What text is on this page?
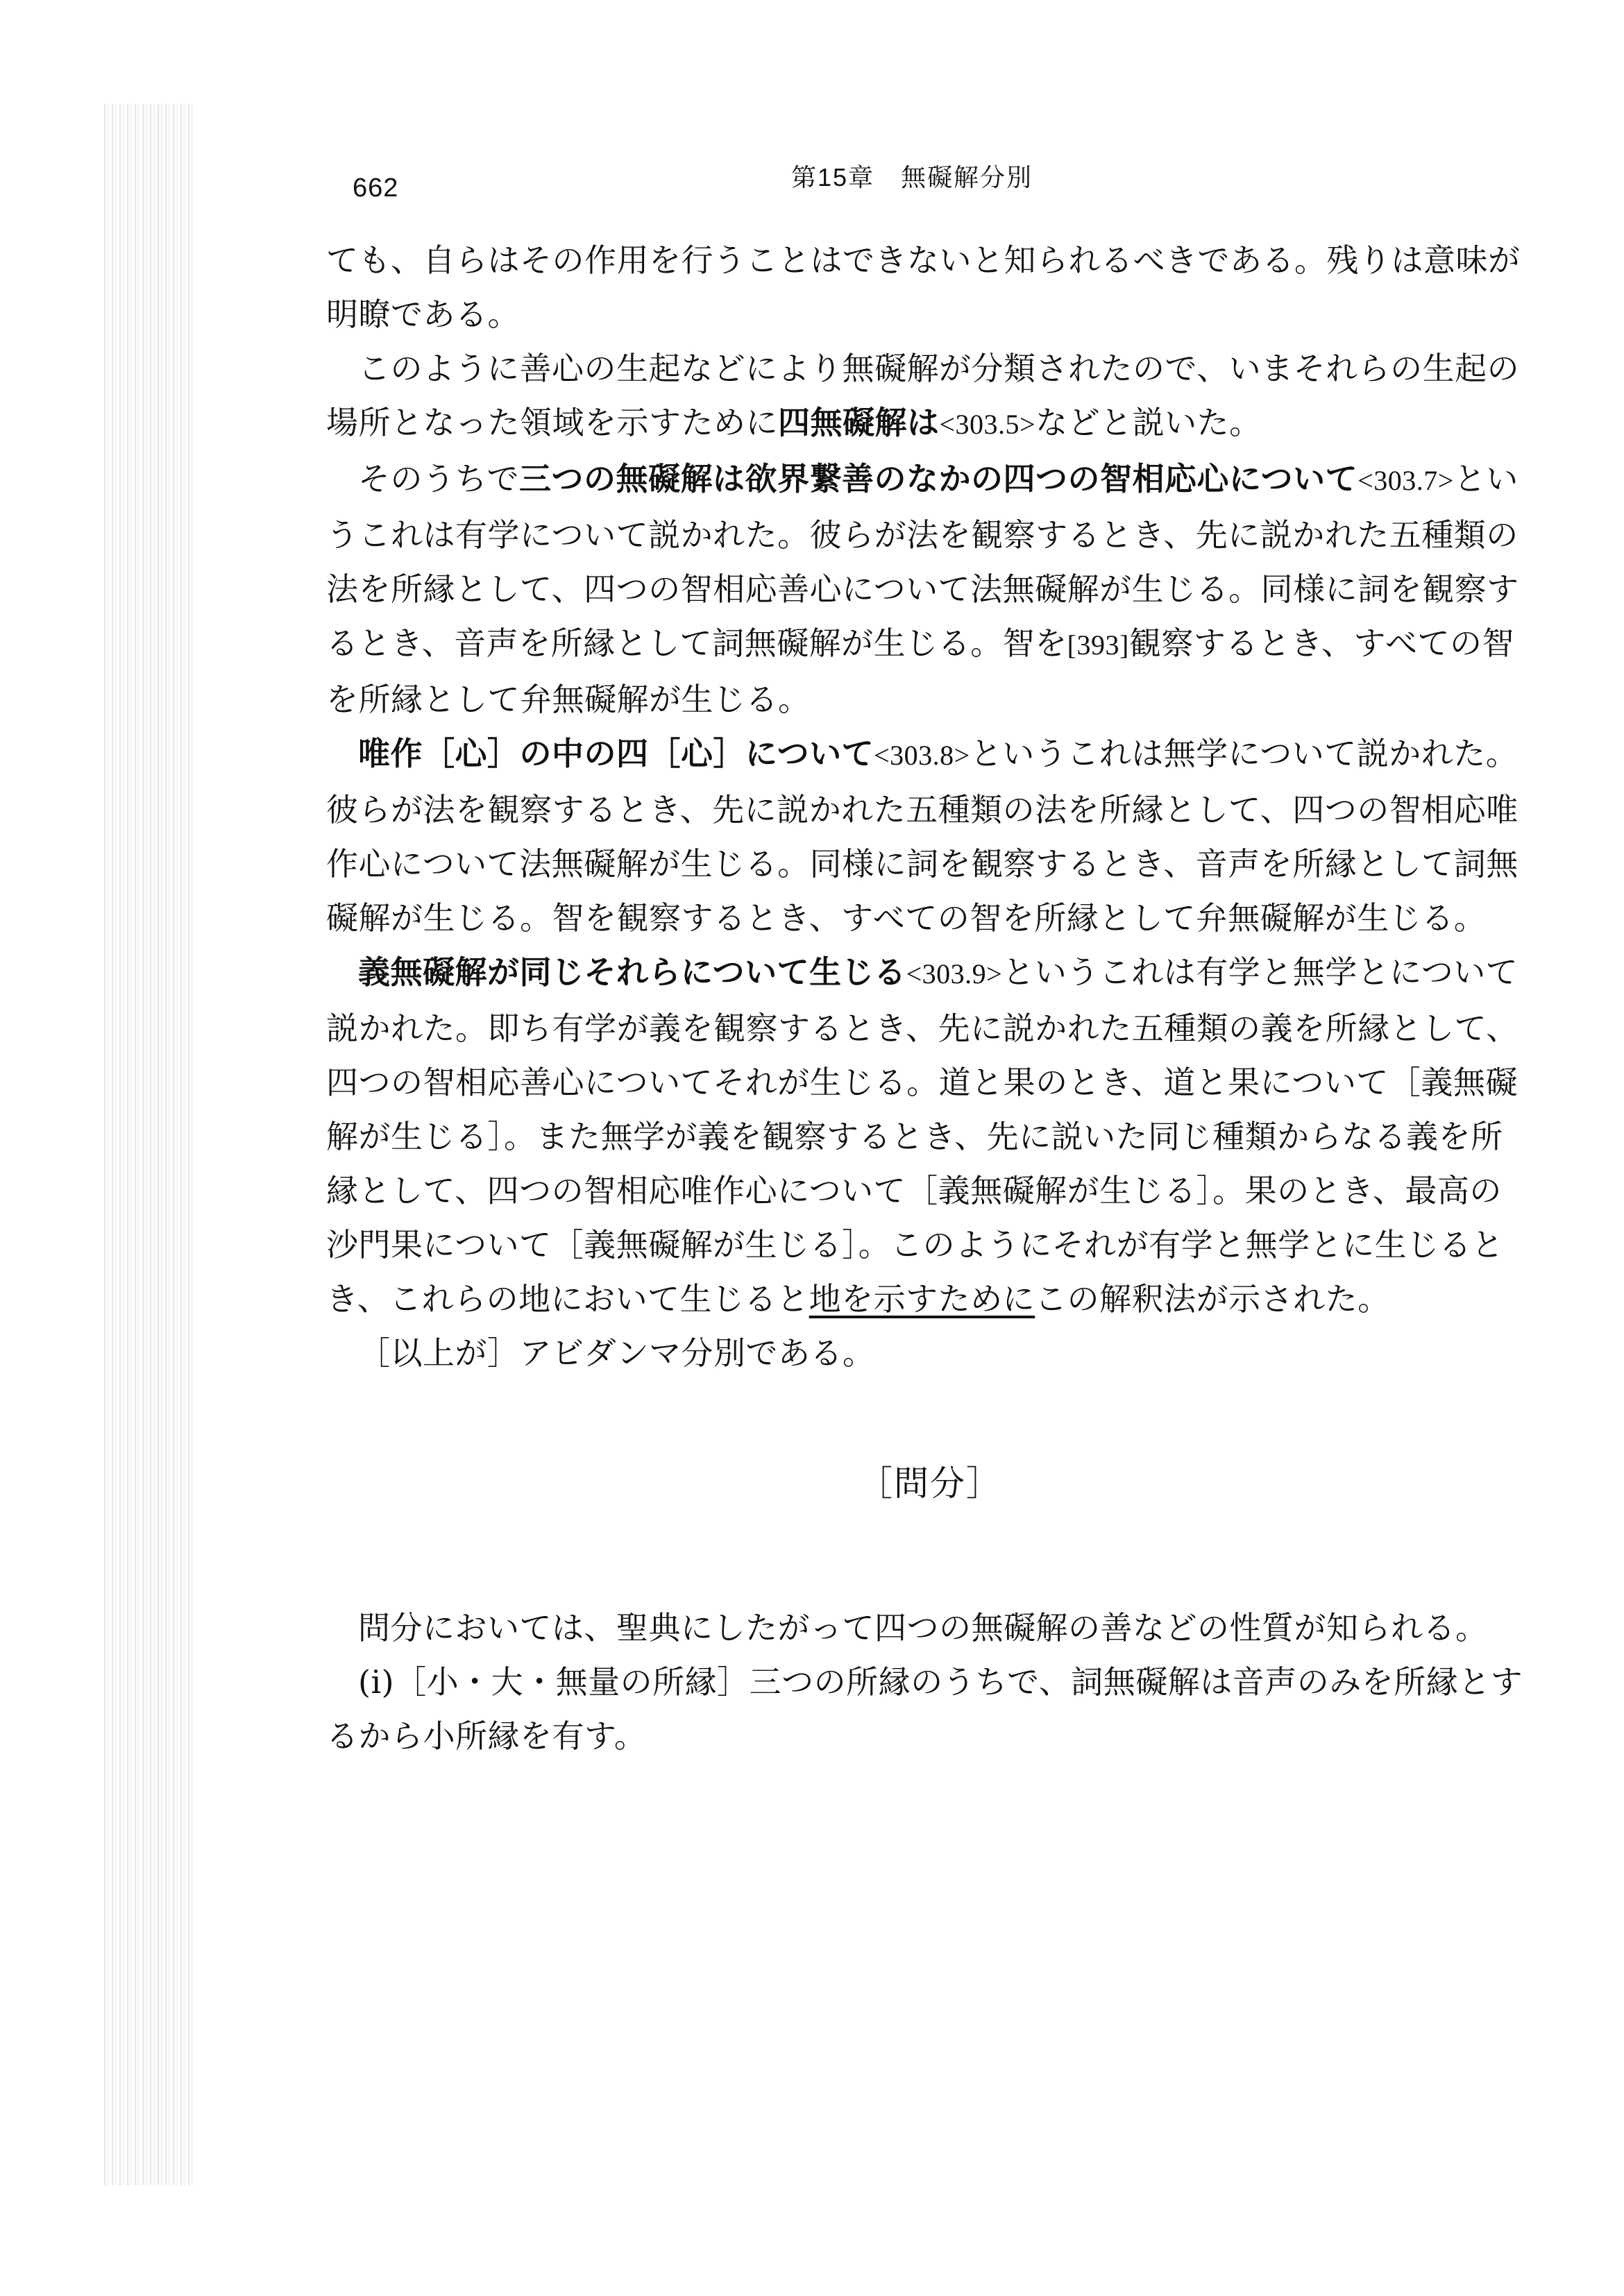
662	第15章　無礙解分別

ても、自らはその作用を行うことはできないと知られるべきである。残りは意味が明瞭である。

このように善心の生起などにより無礙解が分類されたので、いまそれらの生起の場所となった領域を示すために四無礙解は<303.5>などと説いた。

そのうちで三つの無礙解は欲界繋善のなかの四つの智相応心について<303.7>というこれは有学について説かれた。彼らが法を観察するとき、先に説かれた五種類の法を所縁として、四つの智相応善心について法無礙解が生じる。同様に詞を観察するとき、音声を所縁として詞無礙解が生じる。智を[393]観察するとき、すべての智を所縁として弁無礙解が生じる。

唯作［心］の中の四［心］について<303.8>というこれは無学について説かれた。彼らが法を観察するとき、先に説かれた五種類の法を所縁として、四つの智相応唯作心について法無礙解が生じる。同様に詞を観察するとき、音声を所縁として詞無礙解が生じる。智を観察するとき、すべての智を所縁として弁無礙解が生じる。

義無礙解が同じそれらについて生じる<303.9>というこれは有学と無学とについて説かれた。即ち有学が義を観察するとき、先に説かれた五種類の義を所縁として、四つの智相応善心についてそれが生じる。道と果のとき、道と果について［義無礙解が生じる］。また無学が義を観察するとき、先に説いた同じ種類からなる義を所縁として、四つの智相応唯作心について［義無礙解が生じる］。果のとき、最高の沙門果について［義無礙解が生じる］。このようにそれが有学と無学とに生じるとき、これらの地において生じると地を示すためにこの解釈法が示された。

［以上が］アビダンマ分別である。

［問分］

問分においては、聖典にしたがって四つの無礙解の善などの性質が知られる。

(i)［小・大・無量の所縁］三つの所縁のうちで、詞無礙解は音声のみを所縁とするから小所縁を有す。
